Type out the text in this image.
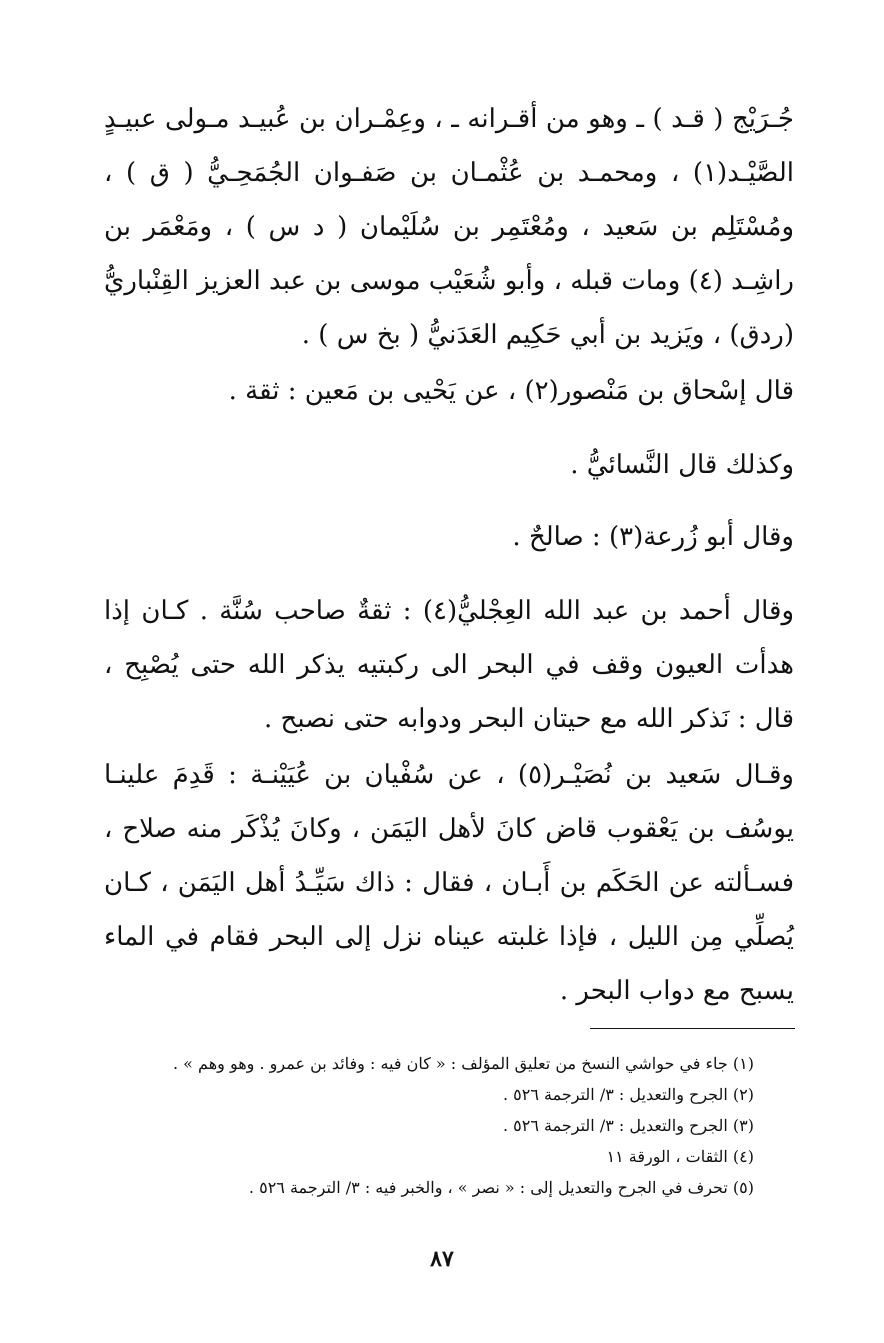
جُـرَيْج ( قـد ) ـ وهو من أقـرانه ـ ، وعِمْـران بن عُبيـد مـولى عبيـدٍ الصَّيْـد(١) ، ومحمـد بن عُثْمـان بن صَفـوان الجُمَحِـيُّ ( ق ) ، ومُسْتَلِم بن سَعيد ، ومُعْتَمِر بن سُلَيْمان ( د س ) ، ومَعْمَر بن راشِـد (٤) ومات قبله ، وأبو شُعَيْب موسى بن عبد العزيز القِنْباريُّ (ردق) ، ويَزيد بن أبي حَكِيم العَدَنيُّ ( بخ س ) .

قال إسْحاق بن مَنْصور(٢) ، عن يَحْيى بن مَعين : ثقة .

وكذلك قال النَّسائيُّ .

وقال أبو زُرعة(٣) : صالحٌ .

وقال أحمد بن عبد الله العِجْليُّ(٤) : ثقةٌ صاحب سُنَّة . كـان إذا هدأت العيون وقف في البحر الى ركبتيه يذكر الله حتى يُصْبِح ، قال : نَذكر الله مع حيتان البحر ودوابه حتى نصبح .

وقـال سَعيد بن نُصَيْـر(٥) ، عن سُفْيان بن عُيَيْنـة : قَدِمَ علينـا يوسُف بن يَعْقوب قاض كانَ لأهل اليَمَن ، وكانَ يُذْكَر منه صلاح ، فسـألته عن الحَكَم بن أَبـان ، فقال : ذاك سَيِّـدُ أهل اليَمَن ، كـان يُصلِّي مِن الليل ، فإذا غلبته عيناه نزل إلى البحر فقام في الماء يسبح مع دواب البحر .

(١) جاء في حواشي النسخ من تعليق المؤلف : « كان فيه : وفائد بن عمرو . وهو وهم » .

(٢) الجرح والتعديل : ٣/ الترجمة ٥٢٦ .

(٣) الجرح والتعديل : ٣/ الترجمة ٥٢٦ .

(٤) الثقات ، الورقة ١١

(٥) تحرف في الجرح والتعديل إلى : « نصر » ، والخبر فيه : ٣/ الترجمة ٥٢٦ .

٨٧
